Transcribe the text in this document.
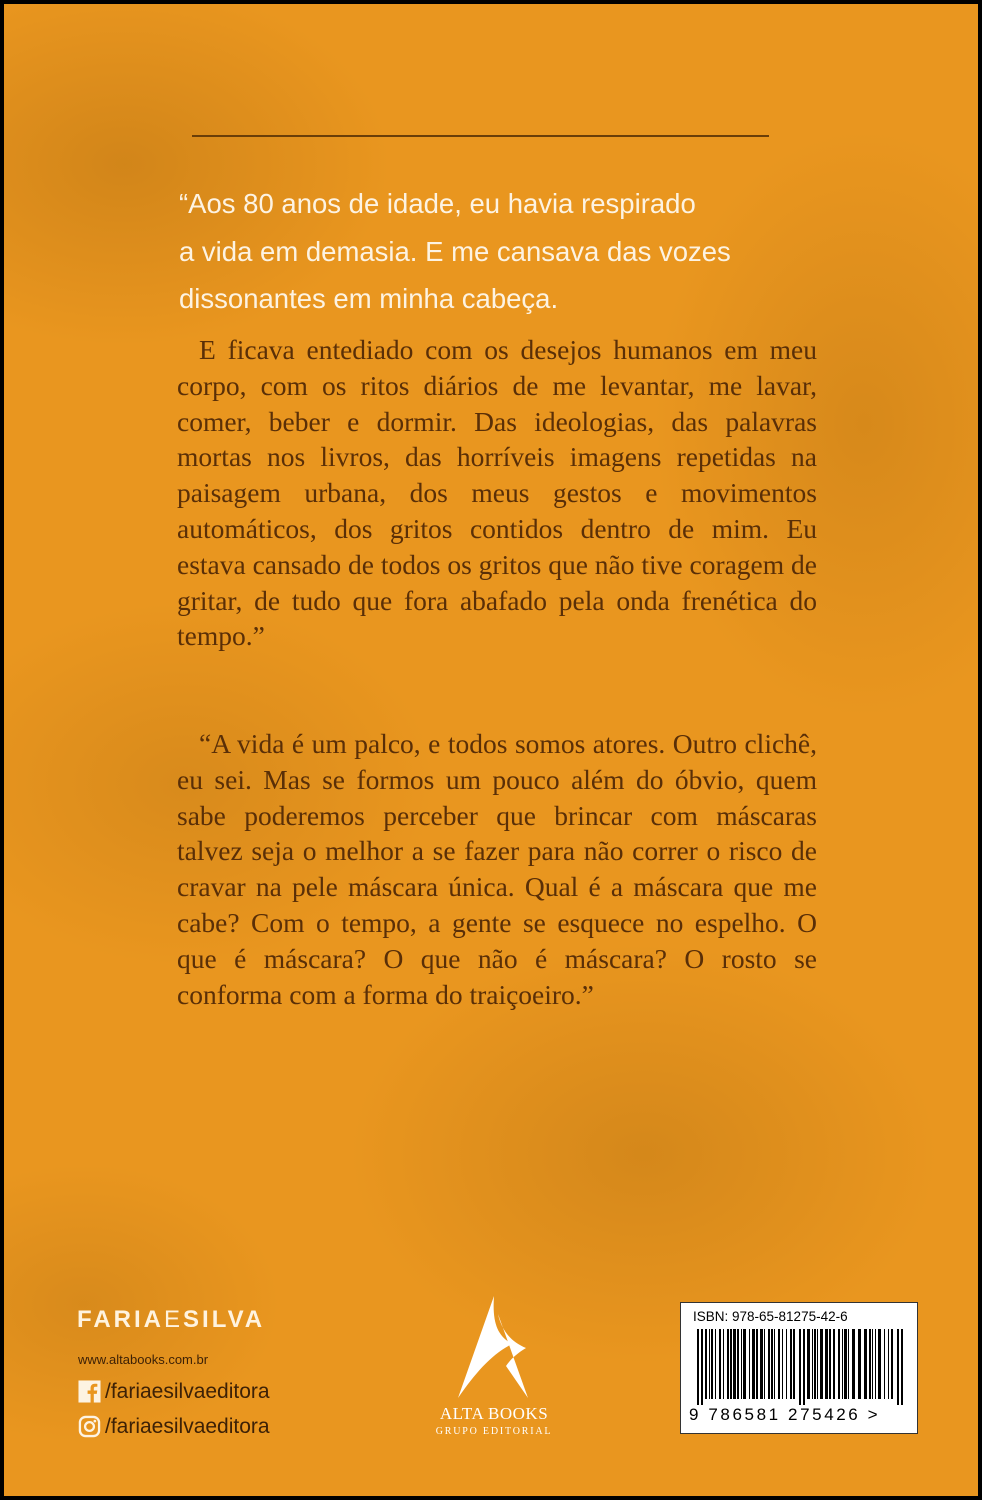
“Aos 80 anos de idade, eu havia respirado

a vida em demasia. E me cansava das vozes

dissonantes em minha cabeça.

E ficava entediado com os desejos humanos em meu corpo, com os ritos diários de me levantar, me lavar, comer, beber e dormir. Das ideologias, das palavras mortas nos livros, das horríveis imagens repetidas na paisagem urbana, dos meus gestos e movimentos automáticos, dos gritos contidos dentro de mim. Eu estava cansado de todos os gritos que não tive coragem de gritar, de tudo que fora abafado pela onda frenética do tempo.”
“A vida é um palco, e todos somos atores. Outro clichê, eu sei. Mas se formos um pouco além do óbvio, quem sabe poderemos perceber que brincar com máscaras talvez seja o melhor a se fazer para não correr o risco de cravar na pele máscara única. Qual é a máscara que me cabe? Com o tempo, a gente se esquece no espelho. O que é máscara? O que não é máscara? O rosto se conforma com a forma do traiçoeiro.”
FARIAESILVA
www.altabooks.com.br
/fariaesilvaeditora
/fariaesilvaeditora
ALTA BOOKS
GRUPO EDITORIAL
ISBN: 978-65-81275-42-6
9 786581 275426 >
